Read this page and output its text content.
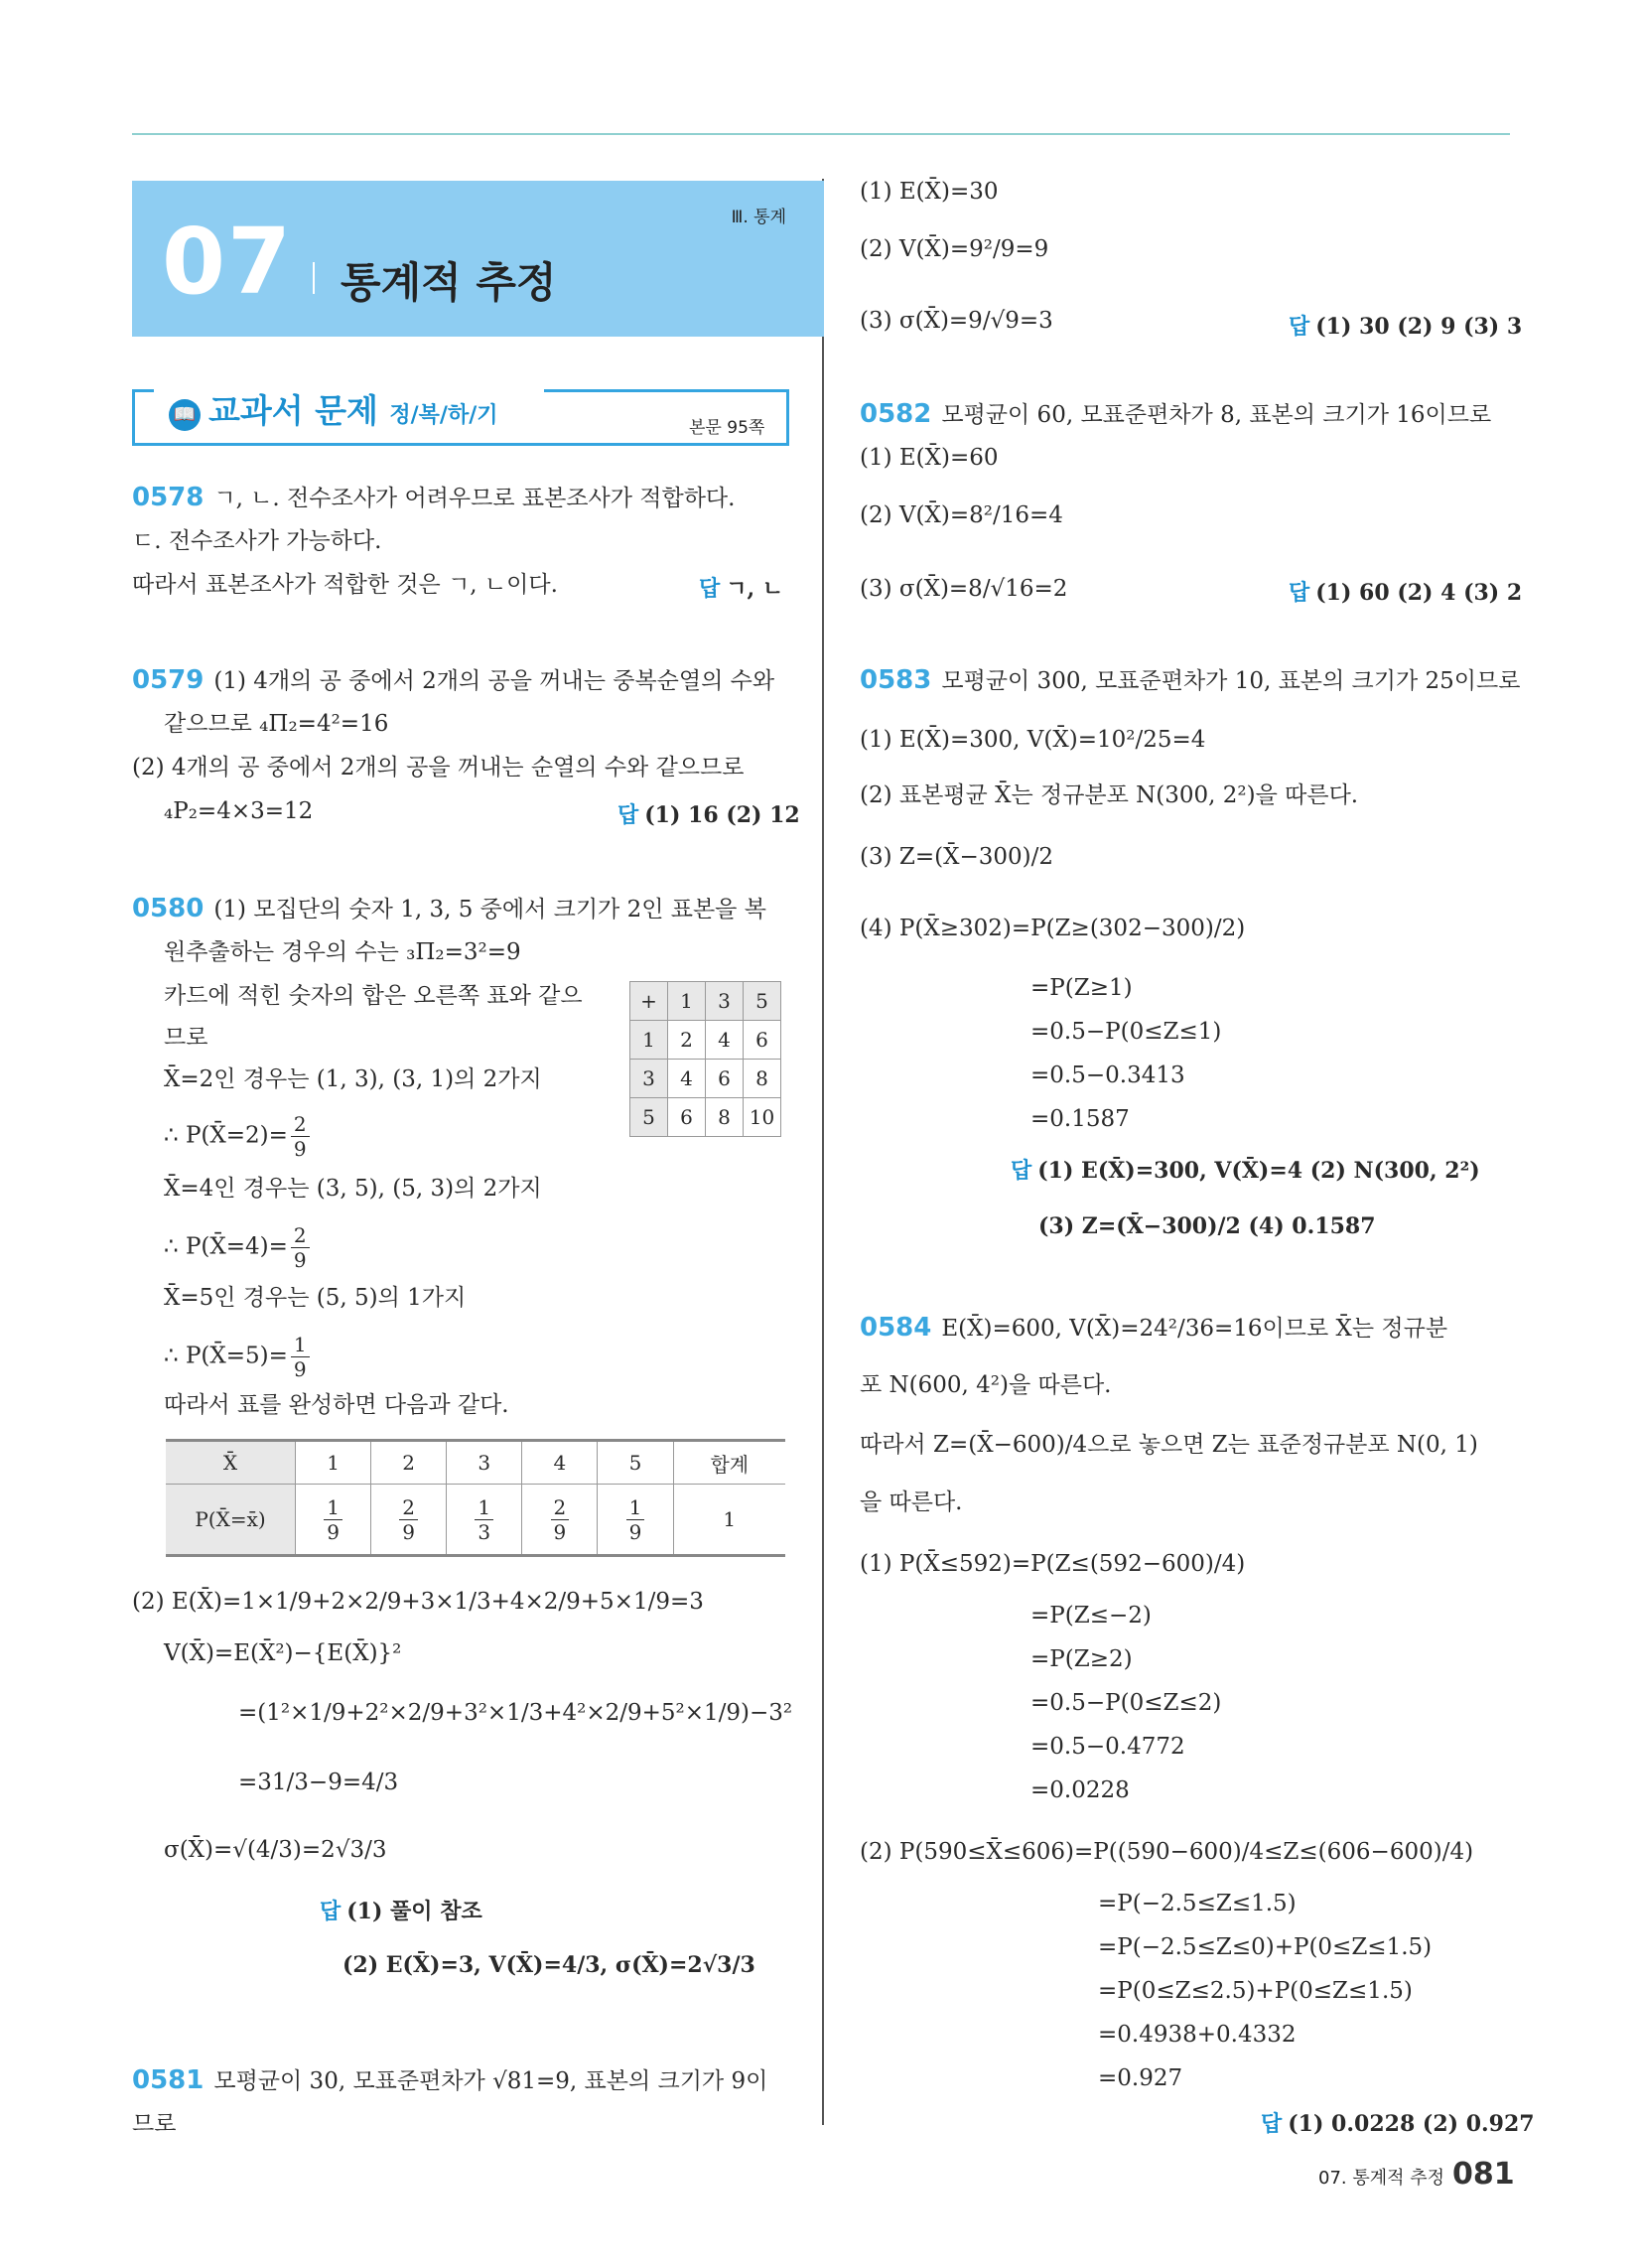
07 통계적 추정
Ⅲ. 통계
📖 교과서 문제 정/복/하/기	본문 95쪽
0578 ㄱ, ㄴ. 전수조사가 어려우므로 표본조사가 적합하다.
ㄷ. 전수조사가 가능하다.
따라서 표본조사가 적합한 것은 ㄱ, ㄴ이다.	답 ㄱ, ㄴ
0579 (1) 4개의 공 중에서 2개의 공을 꺼내는 중복순열의 수와
같으므로 ₄Π₂=4²=16
(2) 4개의 공 중에서 2개의 공을 꺼내는 순열의 수와 같으므로
₄P₂=4×3=12	답 (1) 16 (2) 12
0580 (1) 모집단의 숫자 1, 3, 5 중에서 크기가 2인 표본을 복
원추출하는 경우의 수는 ₃Π₂=3²=9
카드에 적힌 숫자의 합은 오른쪽 표와 같으
므로
X̄=2인 경우는 (1, 3), (3, 1)의 2가지
∴ P(X̄=2)= $\frac{2}{9}$
X̄=4인 경우는 (3, 5), (5, 3)의 2가지
∴ P(X̄=4)= $\frac{2}{9}$
X̄=5인 경우는 (5, 5)의 1가지
∴ P(X̄=5)= $\frac{1}{9}$
따라서 표를 완성하면 다음과 같다.
+	1	3	5
1	2	4	6
3	4	6	8
5	6	8	10
X̄	1	2	3	4	5	합계
P(X̄=x̄)	$\frac{1}{9}$	$\frac{2}{9}$	$\frac{1}{3}$	$\frac{2}{9}$	$\frac{1}{9}$	1
(2) E(X̄)=1×1/9+2×2/9+3×1/3+4×2/9+5×1/9=3
V(X̄)=E(X̄²)−{E(X̄)}²
=(1²×1/9+2²×2/9+3²×1/3+4²×2/9+5²×1/9)−3²
=31/3−9=4/3
σ(X̄)=√(4/3)=2√3/3
답 (1) 풀이 참조
(2) E(X̄)=3, V(X̄)=4/3, σ(X̄)=2√3/3
0581 모평균이 30, 모표준편차가 √81=9, 표본의 크기가 9이
므로
(1) E(X̄)=30
(2) V(X̄)=9²/9=9
(3) σ(X̄)=9/√9=3	답 (1) 30 (2) 9 (3) 3
0582 모평균이 60, 모표준편차가 8, 표본의 크기가 16이므로
(1) E(X̄)=60
(2) V(X̄)=8²/16=4
(3) σ(X̄)=8/√16=2	답 (1) 60 (2) 4 (3) 2
0583 모평균이 300, 모표준편차가 10, 표본의 크기가 25이므로
(1) E(X̄)=300, V(X̄)=10²/25=4
(2) 표본평균 X̄는 정규분포 N(300, 2²)을 따른다.
(3) Z=(X̄−300)/2
(4) P(X̄≥302)=P(Z≥(302−300)/2)
=P(Z≥1)
=0.5−P(0≤Z≤1)
=0.5−0.3413
=0.1587
답 (1) E(X̄)=300, V(X̄)=4 (2) N(300, 2²)
(3) Z=(X̄−300)/2 (4) 0.1587
0584 E(X̄)=600, V(X̄)=24²/36=16이므로 X̄는 정규분
포 N(600, 4²)을 따른다.
따라서 Z=(X̄−600)/4으로 놓으면 Z는 표준정규분포 N(0, 1)
을 따른다.
(1) P(X̄≤592)=P(Z≤(592−600)/4)
=P(Z≤−2)
=P(Z≥2)
=0.5−P(0≤Z≤2)
=0.5−0.4772
=0.0228
(2) P(590≤X̄≤606)=P((590−600)/4≤Z≤(606−600)/4)
=P(−2.5≤Z≤1.5)
=P(−2.5≤Z≤0)+P(0≤Z≤1.5)
=P(0≤Z≤2.5)+P(0≤Z≤1.5)
=0.4938+0.4332
=0.927
답 (1) 0.0228 (2) 0.927
07. 통계적 추정 081
